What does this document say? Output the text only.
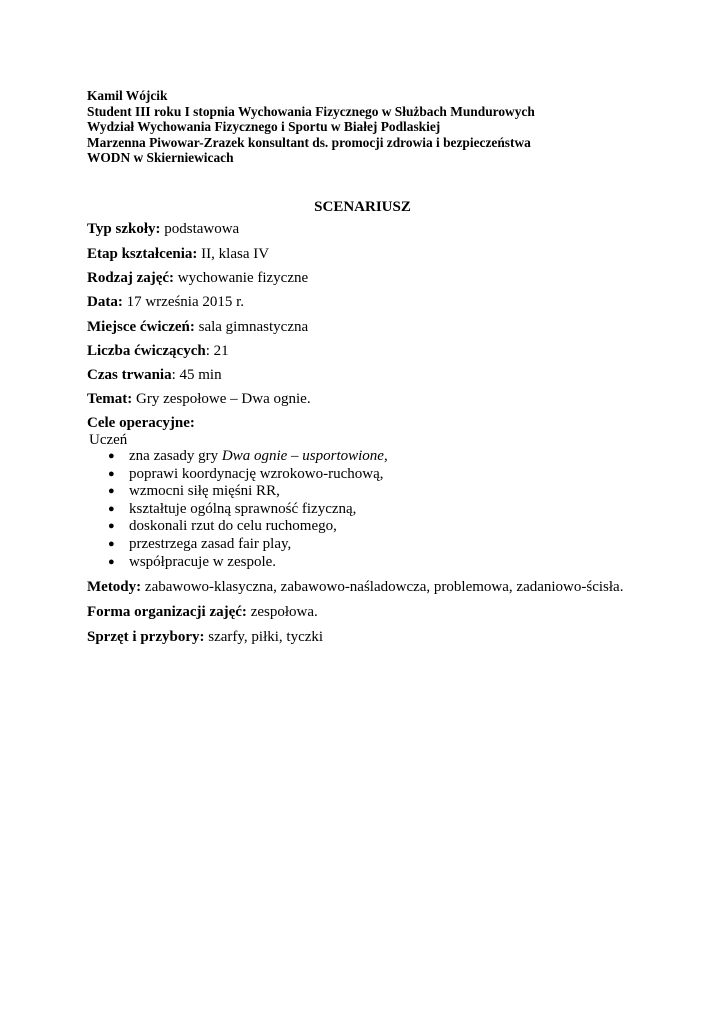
Kamil Wójcik
Student III roku I stopnia Wychowania Fizycznego w Służbach Mundurowych
Wydział Wychowania Fizycznego i Sportu w Białej Podlaskiej
Marzenna Piwowar-Zrazek konsultant ds. promocji zdrowia i bezpieczeństwa
WODN w Skierniewicach
SCENARIUSZ
Typ szkoły: podstawowa
Etap kształcenia: II, klasa IV
Rodzaj zajęć: wychowanie fizyczne
Data: 17 września 2015 r.
Miejsce ćwiczeń: sala gimnastyczna
Liczba ćwiczących: 21
Czas trwania: 45 min
Temat: Gry zespołowe – Dwa ognie.
Cele operacyjne:
Uczeń
● zna zasady gry Dwa ognie – usportowione,
● poprawi koordynację wzrokowo-ruchową,
● wzmocni siłę mięśni RR,
● kształtuje ogólną sprawność fizyczną,
● doskonali rzut do celu ruchomego,
● przestrzega zasad fair play,
● współpracuje w zespole.
Metody: zabawowo-klasyczna, zabawowo-naśladowcza, problemowa, zadaniowo-ścisła.
Forma organizacji zajęć: zespołowa.
Sprzęt i przybory: szarfy, piłki, tyczki
